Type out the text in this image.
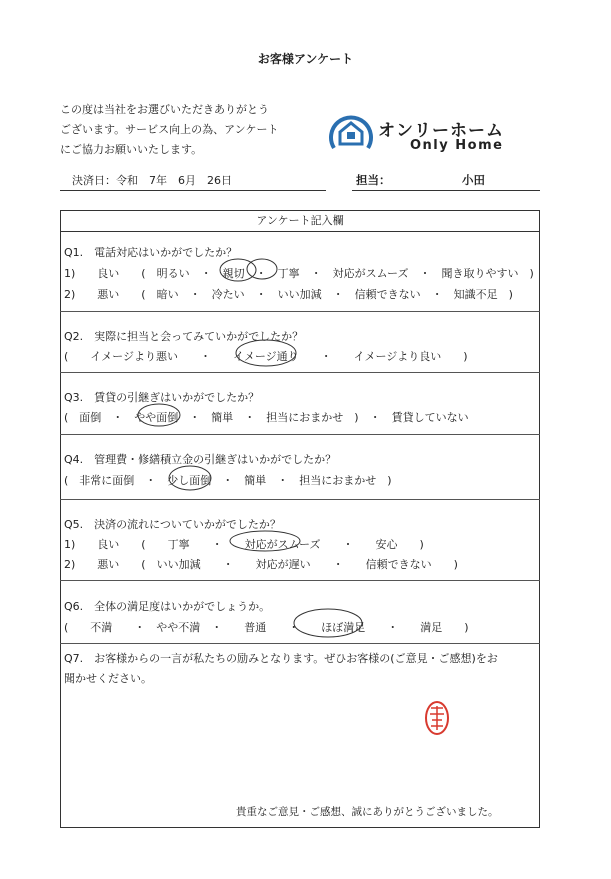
お客様アンケート
この度は当社をお選びいただきありがとう
ございます。サービス向上の為、アンケート
にご協力お願いいたします。
オンリーホーム
Only Home
決済日：令和　7年　6月　26日	担当：	小田
アンケート記入欄
Q1.　電話対応はいかがでしたか？
1)　　良い　　(　明るい　・　親切　・　丁寧　・　対応がスムーズ　・　聞き取りやすい　)
2)　　悪い　　(　暗い　・　冷たい　・　いい加減　・　信頼できない　・　知識不足　)
Q2.　実際に担当と会ってみていかがでしたか？
(　　イメージより悪い　　・　　イメージ通り　　・　　イメージより良い　　)
Q3.　賃貸の引継ぎはいかがでしたか？
(　面倒　・　やや面倒　・　簡単　・　担当におまかせ　)　・　賃貸していない
Q4.　管理費・修繕積立金の引継ぎはいかがでしたか？
(　非常に面倒　・　少し面倒　・　簡単　・　担当におまかせ　)
Q5.　決済の流れについていかがでしたか？
1)　　良い　　(　　丁寧　　・　　対応がスムーズ　　・　　安心　　)
2)　　悪い　　(　いい加減　　・　　対応が遅い　　・　　信頼できない　　)
Q6.　全体の満足度はいかがでしょうか。
(　　不満　　・　やや不満　・　　普通　　・　　ほぼ満足　　・　　満足　　)
Q7.　お客様からの一言が私たちの励みとなります。ぜひお客様の(ご意見・ご感想)をお
聞かせください。
貴重なご意見・ご感想、誠にありがとうございました。
